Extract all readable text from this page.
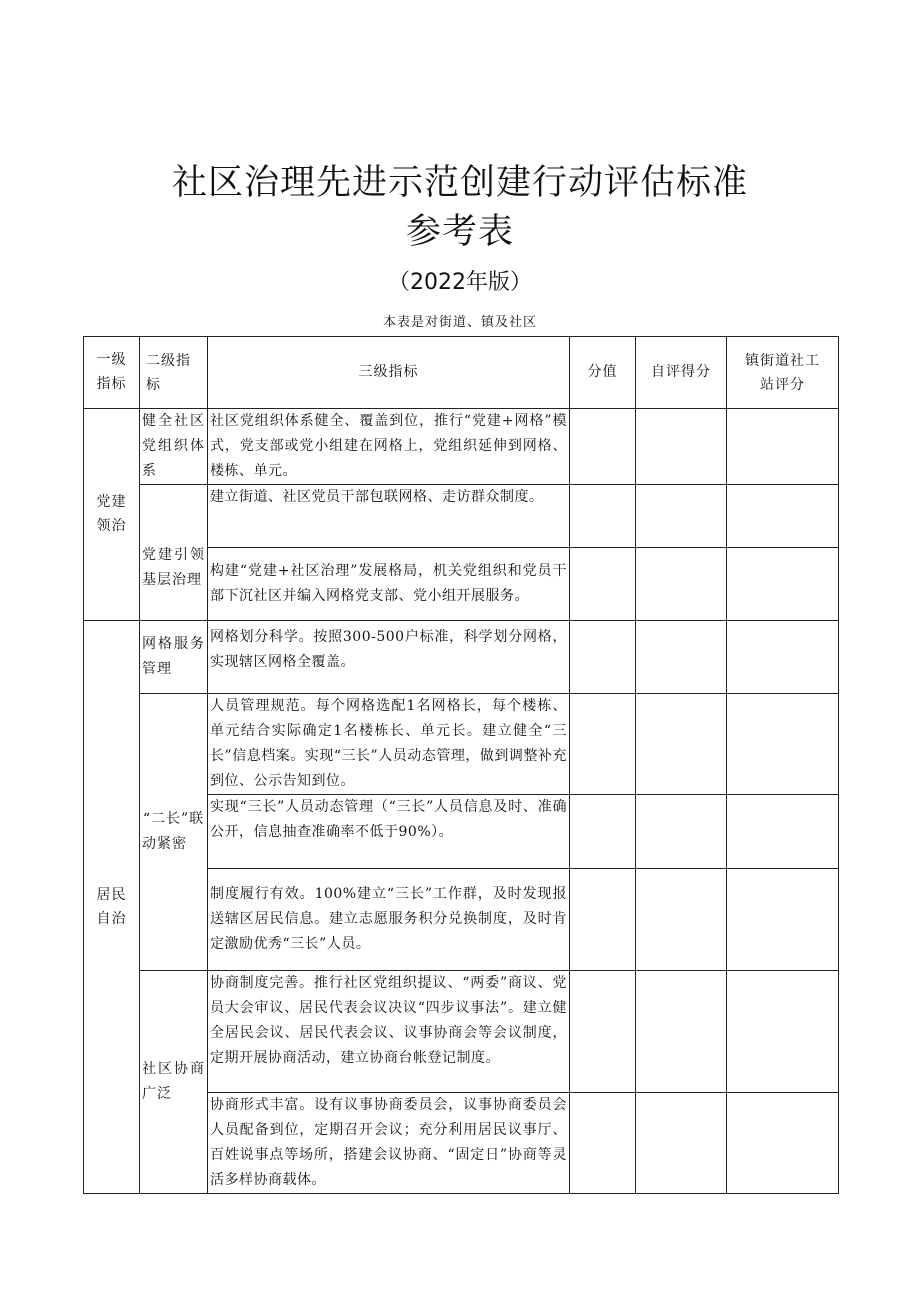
社区治理先进示范创建行动评估标准
参考表
（2022年版）
本表是对街道、镇及社区
一级指标	二级指标	三级指标	分值	自评得分	镇街道社工站评分
党建领治	健全社区党组织体系	社区党组织体系健全、覆盖到位，推行“党建+网格”模式，党支部或党小组建在网格上，党组织延伸到网格、楼栋、单元。			

	党建引领基层治理	建立街道、社区党员干部包联网格、走访群众制度。			

		构建“党建+社区治理”发展格局，机关党组织和党员干部下沉社区并编入网格党支部、党小组开展服务。			

居民自治	网格服务管理	网格划分科学。按照300-500户标准，科学划分网格，实现辖区网格全覆盖。			

	“二长”联动紧密	人员管理规范。每个网格选配1名网格长，每个楼栋、单元结合实际确定1名楼栋长、单元长。建立健全“三长”信息档案。实现“三长”人员动态管理，做到调整补充到位、公示告知到位。			

		实现“三长”人员动态管理（“三长”人员信息及时、准确公开，信息抽查准确率不低于90%）。			

		制度履行有效。100%建立“三长”工作群，及时发现报送辖区居民信息。建立志愿服务积分兑换制度，及时肯定激励优秀“三长”人员。			

	社区协商广泛	协商制度完善。推行社区党组织提议、“两委”商议、党员大会审议、居民代表会议决议“四步议事法”。建立健全居民会议、居民代表会议、议事协商会等会议制度，定期开展协商活动，建立协商台帐登记制度。			

		协商形式丰富。设有议事协商委员会，议事协商委员会人员配备到位，定期召开会议；充分利用居民议事厅、百姓说事点等场所，搭建会议协商、“固定日”协商等灵活多样协商载体。			
